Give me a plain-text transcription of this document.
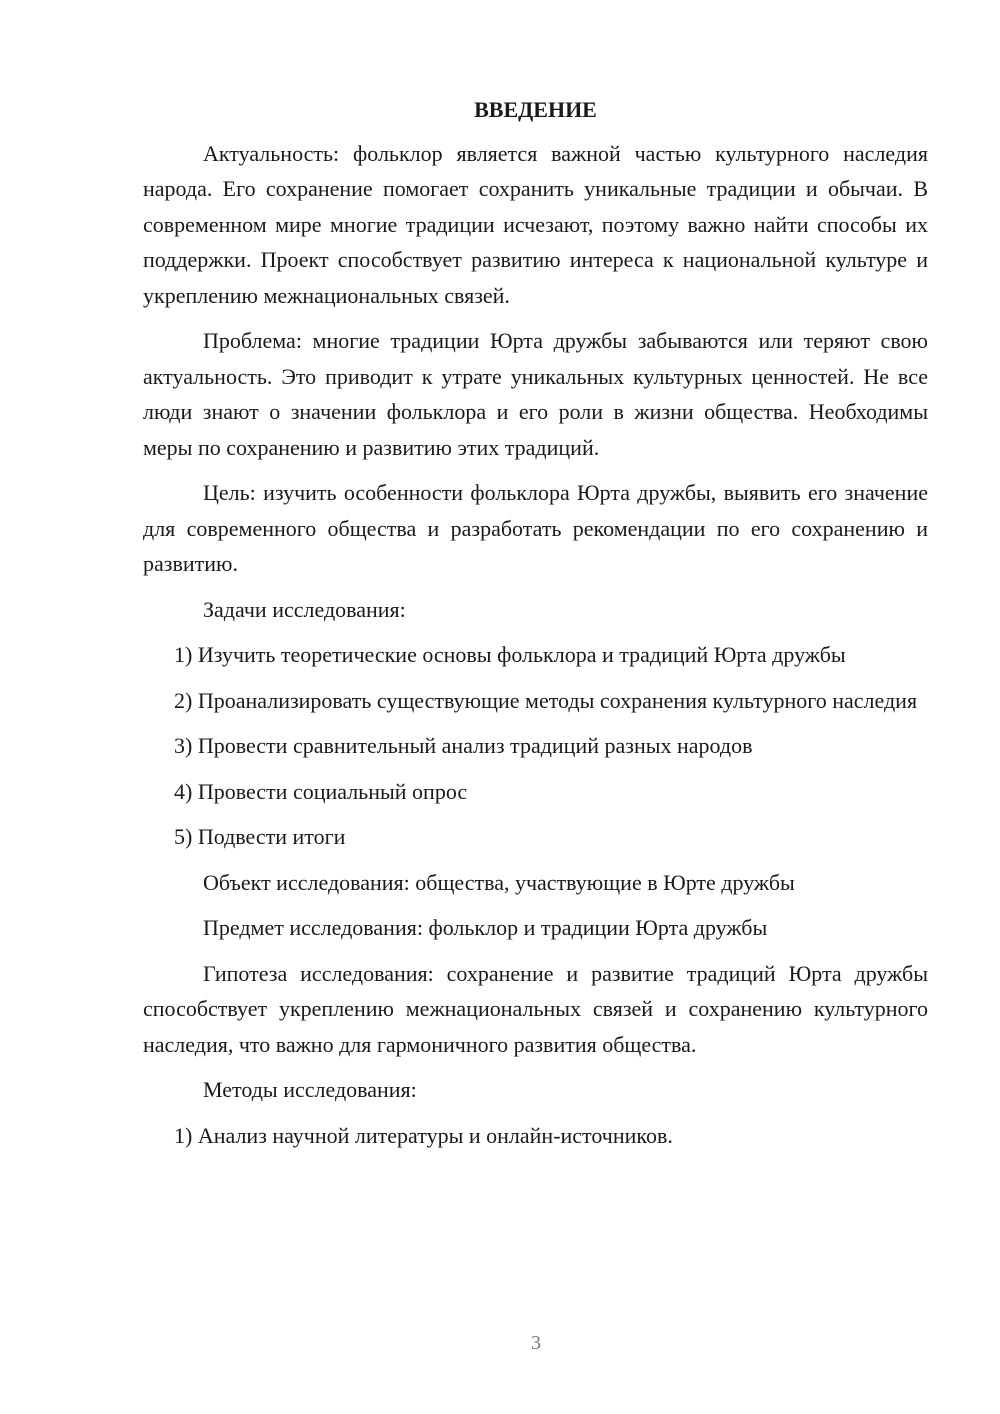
ВВЕДЕНИЕ
Актуальность: фольклор является важной частью культурного наследия народа. Его сохранение помогает сохранить уникальные традиции и обычаи. В современном мире многие традиции исчезают, поэтому важно найти способы их поддержки. Проект способствует развитию интереса к национальной культуре и укреплению межнациональных связей.
Проблема: многие традиции Юрта дружбы забываются или теряют свою актуальность. Это приводит к утрате уникальных культурных ценностей. Не все люди знают о значении фольклора и его роли в жизни общества. Необходимы меры по сохранению и развитию этих традиций.
Цель: изучить особенности фольклора Юрта дружбы, выявить его значение для современного общества и разработать рекомендации по его сохранению и развитию.
Задачи исследования:
1) Изучить теоретические основы фольклора и традиций Юрта дружбы
2) Проанализировать существующие методы сохранения культурного наследия
3) Провести сравнительный анализ традиций разных народов
4) Провести социальный опрос
5) Подвести итоги
Объект исследования: общества, участвующие в Юрте дружбы
Предмет исследования: фольклор и традиции Юрта дружбы
Гипотеза исследования: сохранение и развитие традиций Юрта дружбы способствует укреплению межнациональных связей и сохранению культурного наследия, что важно для гармоничного развития общества.
Методы исследования:
1) Анализ научной литературы и онлайн-источников.
3
